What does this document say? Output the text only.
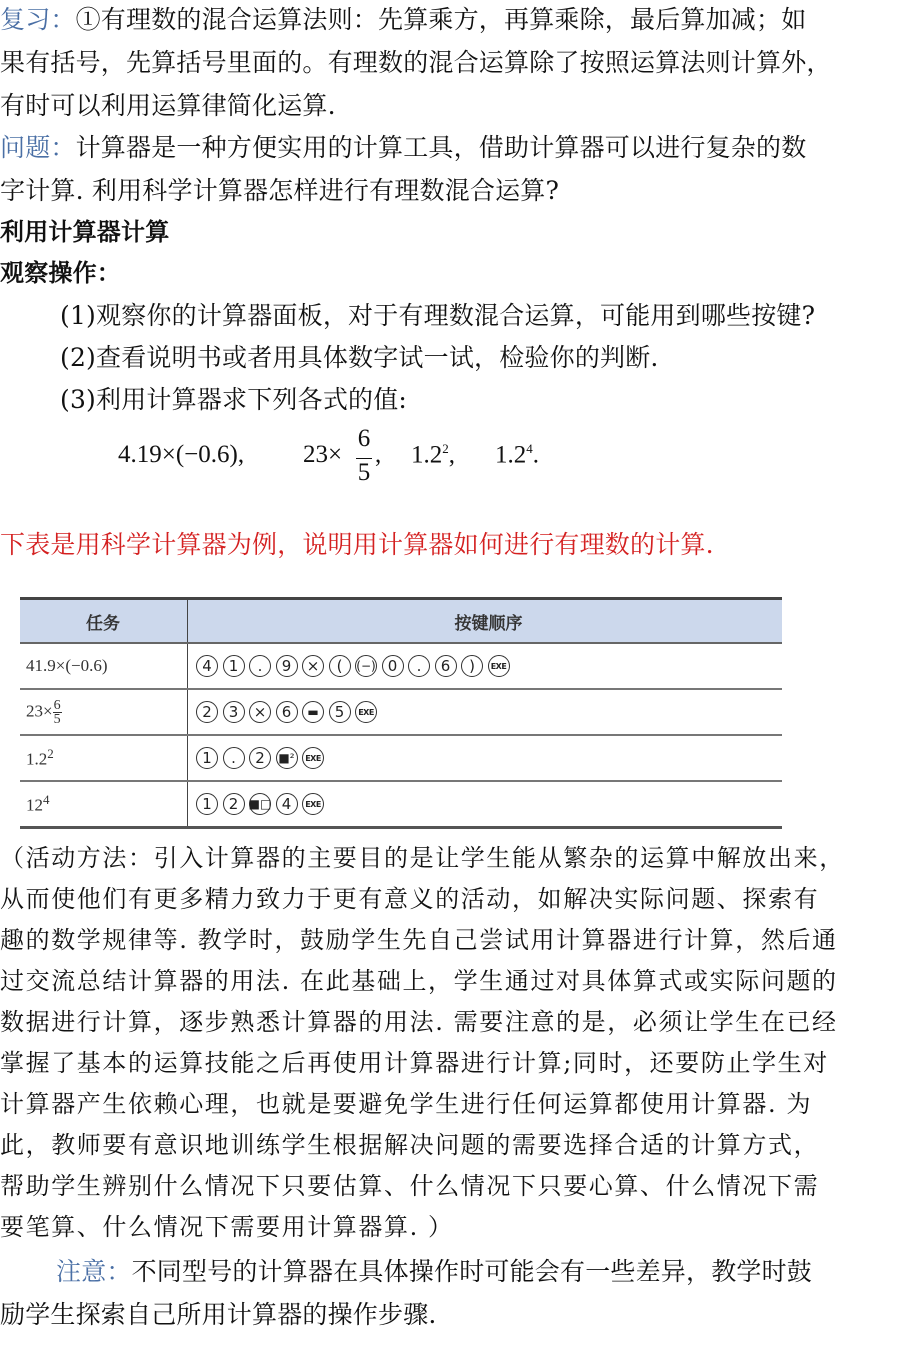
复习：①有理数的混合运算法则：先算乘方，再算乘除，最后算加减；如
果有括号，先算括号里面的。有理数的混合运算除了按照运算法则计算外，
有时可以利用运算律简化运算.
问题：计算器是一种方便实用的计算工具，借助计算器可以进行复杂的数
字计算. 利用科学计算器怎样进行有理数混合运算?
利用计算器计算
观察操作：
(1)观察你的计算器面板，对于有理数混合运算，可能用到哪些按键?
(2)查看说明书或者用具体数字试一试，检验你的判断.
(3)利用计算器求下列各式的值:
4.19×(−0.6), 23×
6
5
, $1.2^2$, $1.2^4$.
下表是用科学计算器为例，说明用计算器如何进行有理数的计算.
任务	按键顺序
41.9×(−0.6)	4 1 . 9 × ( (−) 0 . 6 ) EXE
$23\times \frac{6}{5}$	2 3 × 6 ▬ 5 EXE
$1.2^2$	1 . 2 ■² EXE
$12^4$	1 2 ■□ 4 EXE
（活动方法：引入计算器的主要目的是让学生能从繁杂的运算中解放出来，
从而使他们有更多精力致力于更有意义的活动，如解决实际问题、探索有
趣的数学规律等. 教学时，鼓励学生先自己尝试用计算器进行计算，然后通
过交流总结计算器的用法. 在此基础上，学生通过对具体算式或实际问题的
数据进行计算，逐步熟悉计算器的用法. 需要注意的是，必须让学生在已经
掌握了基本的运算技能之后再使用计算器进行计算;同时，还要防止学生对
计算器产生依赖心理，也就是要避免学生进行任何运算都使用计算器. 为
此，教师要有意识地训练学生根据解决问题的需要选择合适的计算方式，
帮助学生辨别什么情况下只要估算、什么情况下只要心算、什么情况下需
要笔算、什么情况下需要用计算器算. ）
注意：不同型号的计算器在具体操作时可能会有一些差异，教学时鼓
励学生探索自己所用计算器的操作步骤.
